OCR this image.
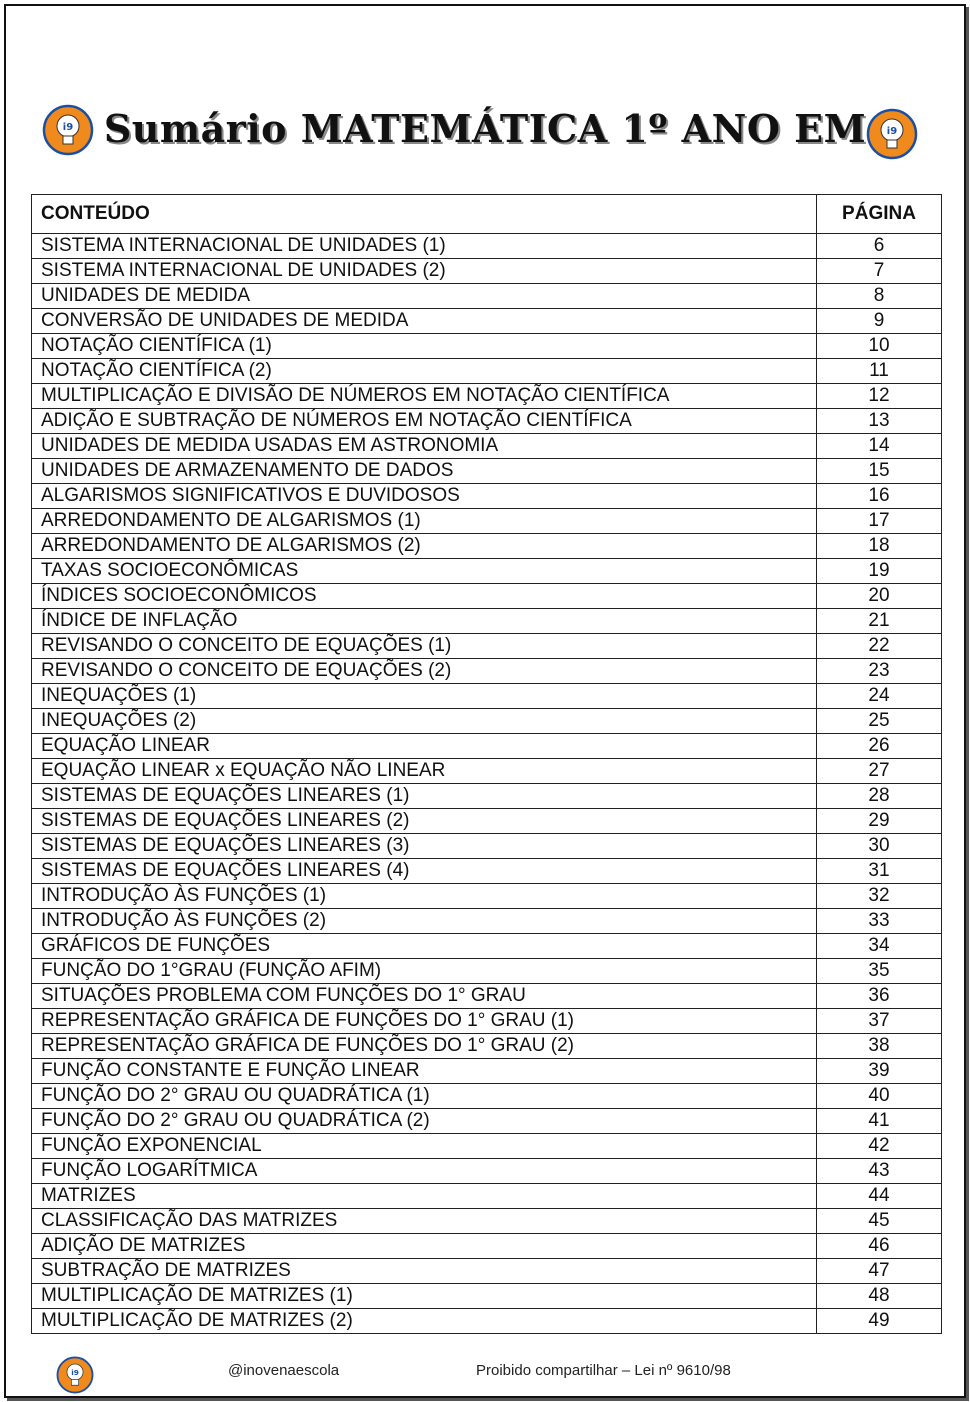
i9 Sumário MATEMÁTICA 1º ANO EM	i9
CONTEÚDO	PÁGINA
SISTEMA INTERNACIONAL DE UNIDADES (1)	6
SISTEMA INTERNACIONAL DE UNIDADES (2)	7
UNIDADES DE MEDIDA	8
CONVERSÃO DE UNIDADES DE MEDIDA	9
NOTAÇÃO CIENTÍFICA (1)	10
NOTAÇÃO CIENTÍFICA (2)	11
MULTIPLICAÇÃO E DIVISÃO DE NÚMEROS EM NOTAÇÃO CIENTÍFICA	12
ADIÇÃO E SUBTRAÇÃO DE NÚMEROS EM NOTAÇÃO CIENTÍFICA	13
UNIDADES DE MEDIDA USADAS EM ASTRONOMIA	14
UNIDADES DE ARMAZENAMENTO DE DADOS	15
ALGARISMOS SIGNIFICATIVOS E DUVIDOSOS	16
ARREDONDAMENTO DE ALGARISMOS (1)	17
ARREDONDAMENTO DE ALGARISMOS (2)	18
TAXAS SOCIOECONÔMICAS	19
ÍNDICES SOCIOECONÔMICOS	20
ÍNDICE DE INFLAÇÃO	21
REVISANDO O CONCEITO DE EQUAÇÕES (1)	22
REVISANDO O CONCEITO DE EQUAÇÕES (2)	23
INEQUAÇÕES (1)	24
INEQUAÇÕES (2)	25
EQUAÇÃO LINEAR	26
EQUAÇÃO LINEAR x EQUAÇÃO NÃO LINEAR	27
SISTEMAS DE EQUAÇÕES LINEARES (1)	28
SISTEMAS DE EQUAÇÕES LINEARES (2)	29
SISTEMAS DE EQUAÇÕES LINEARES (3)	30
SISTEMAS DE EQUAÇÕES LINEARES (4)	31
INTRODUÇÃO ÀS FUNÇÕES (1)	32
INTRODUÇÃO ÀS FUNÇÕES (2)	33
GRÁFICOS DE FUNÇÕES	34
FUNÇÃO DO 1°GRAU (FUNÇÃO AFIM)	35
SITUAÇÕES PROBLEMA COM FUNÇÕES DO 1° GRAU	36
REPRESENTAÇÃO GRÁFICA DE FUNÇÕES DO 1° GRAU (1)	37
REPRESENTAÇÃO GRÁFICA DE FUNÇÕES DO 1° GRAU (2)	38
FUNÇÃO CONSTANTE E FUNÇÃO LINEAR	39
FUNÇÃO DO 2° GRAU OU QUADRÁTICA (1)	40
FUNÇÃO DO 2° GRAU OU QUADRÁTICA (2)	41
FUNÇÃO EXPONENCIAL	42
FUNÇÃO LOGARÍTMICA	43
MATRIZES	44
CLASSIFICAÇÃO DAS MATRIZES	45
ADIÇÃO DE MATRIZES	46
SUBTRAÇÃO DE MATRIZES	47
MULTIPLICAÇÃO DE MATRIZES (1)	48
MULTIPLICAÇÃO DE MATRIZES (2)	49
i9	@inovenaescola	Proibido compartilhar – Lei nº 9610/98
